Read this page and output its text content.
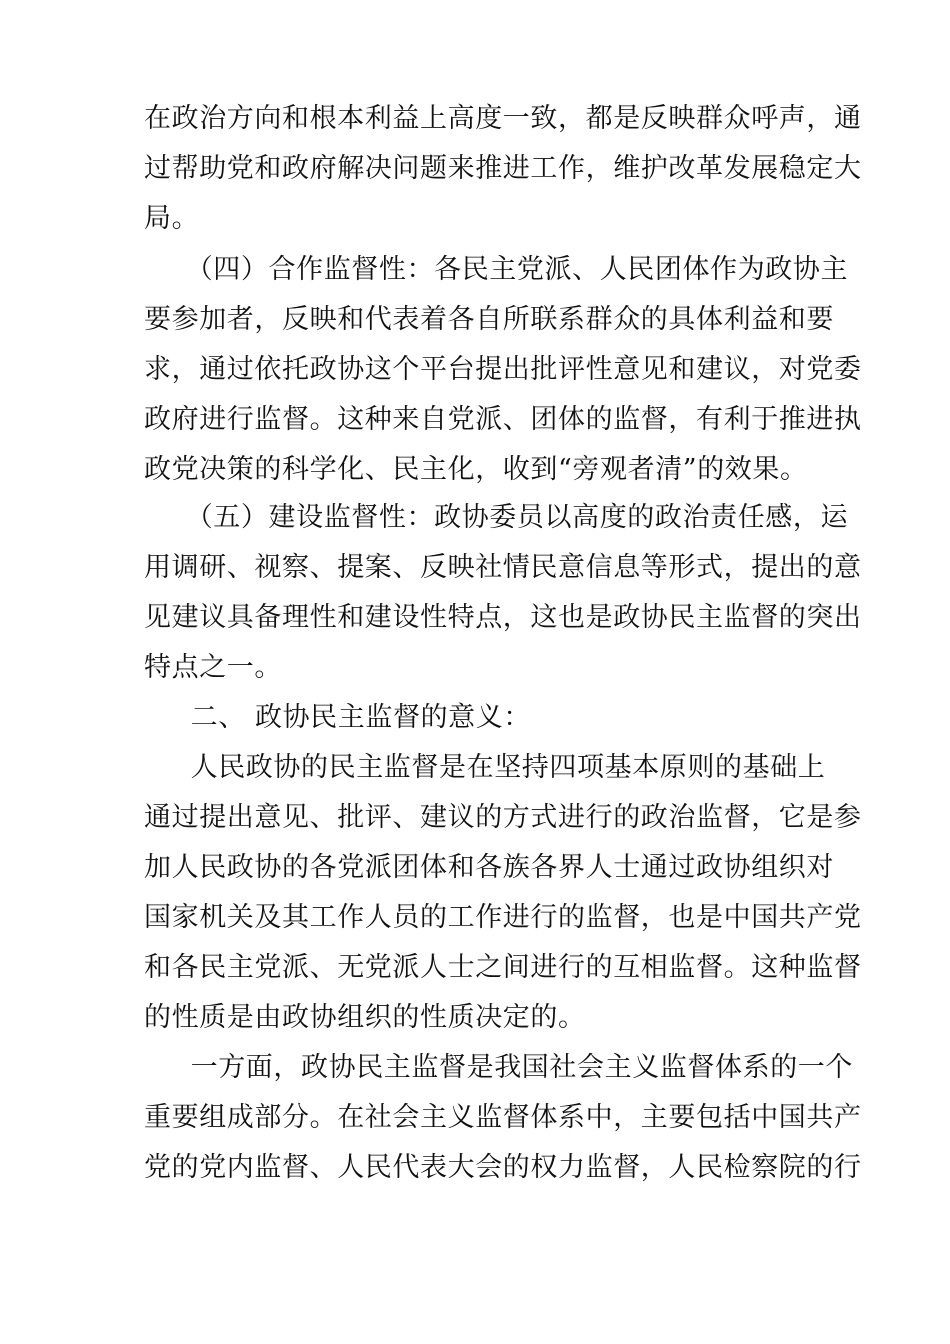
在政治方向和根本利益上高度一致，都是反映群众呼声，通
过帮助党和政府解决问题来推进工作，维护改革发展稳定大
局。
　　（四）合作监督性：各民主党派、人民团体作为政协主
要参加者，反映和代表着各自所联系群众的具体利益和要
求，通过依托政协这个平台提出批评性意见和建议，对党委
政府进行监督。这种来自党派、团体的监督，有利于推进执
政党决策的科学化、民主化，收到“旁观者清”的效果。
　　（五）建设监督性：政协委员以高度的政治责任感，运
用调研、视察、提案、反映社情民意信息等形式，提出的意
见建议具备理性和建设性特点，这也是政协民主监督的突出
特点之一。
　二、 政协民主监督的意义：
　人民政协的民主监督是在坚持四项基本原则的基础上
通过提出意见、批评、建议的方式进行的政治监督，它是参
加人民政协的各党派团体和各族各界人士通过政协组织对
国家机关及其工作人员的工作进行的监督，也是中国共产党
和各民主党派、无党派人士之间进行的互相监督。这种监督
的性质是由政协组织的性质决定的。
　一方面，政协民主监督是我国社会主义监督体系的一个
重要组成部分。在社会主义监督体系中，主要包括中国共产
党的党内监督、人民代表大会的权力监督，人民检察院的行
